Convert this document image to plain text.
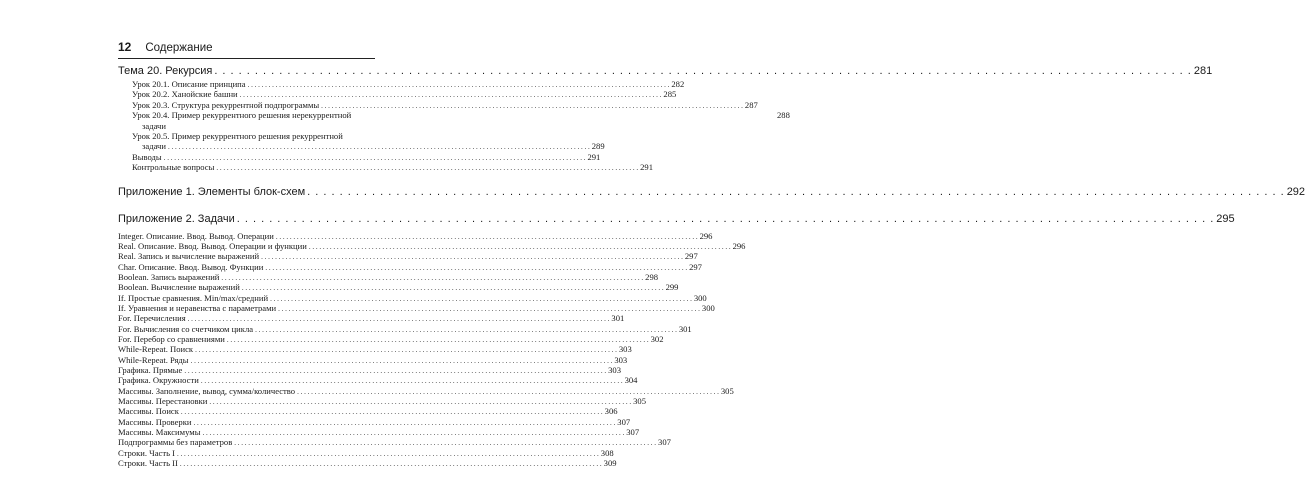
12 Содержание
Тема 20. Рекурсия . . .	281
Урок 20.1. Описание принципа . . .	282
Урок 20.2. Ханойские башни . . .	285
Урок 20.3. Структура рекуррентной подпрограммы . . .	287
Урок 20.4. Пример рекуррентного решения нерекуррентной	288
задачи
Урок 20.5. Пример рекуррентного решения рекуррентной
задачи . . .	289
Выводы . . .	291
Контрольные вопросы . . .	291
Приложение 1. Элементы блок-схем . . .	292
Приложение 2. Задачи . . .	295
Integer. Описание. Ввод. Вывод. Операции . . .	296
Real. Описание. Ввод. Вывод. Операции и функции . . .	296
Real. Запись и вычисление выражений . . .	297
Char. Описание. Ввод. Вывод. Функции . . .	297
Boolean. Запись выражений . . .	298
Boolean. Вычисление выражений . . .	299
If. Простые сравнения. Min/max/средний . . .	300
If. Уравнения и неравенства с параметрами . . .	300
For. Перечисления . . .	301
For. Вычисления со счетчиком цикла . . .	301
For. Перебор со сравнениями . . .	302
While-Repeat. Поиск . . .	303
While-Repeat. Ряды . . .	303
Графика. Прямые . . .	303
Графика. Окружности . . .	304
Массивы. Заполнение, вывод, сумма/количество . . .	305
Массивы. Перестановки . . .	305
Массивы. Поиск . . .	306
Массивы. Проверки . . .	307
Массивы. Максимумы . . .	307
Подпрограммы без параметров . . .	307
Строки. Часть I . . .	308
Строки. Часть II . . .	309
